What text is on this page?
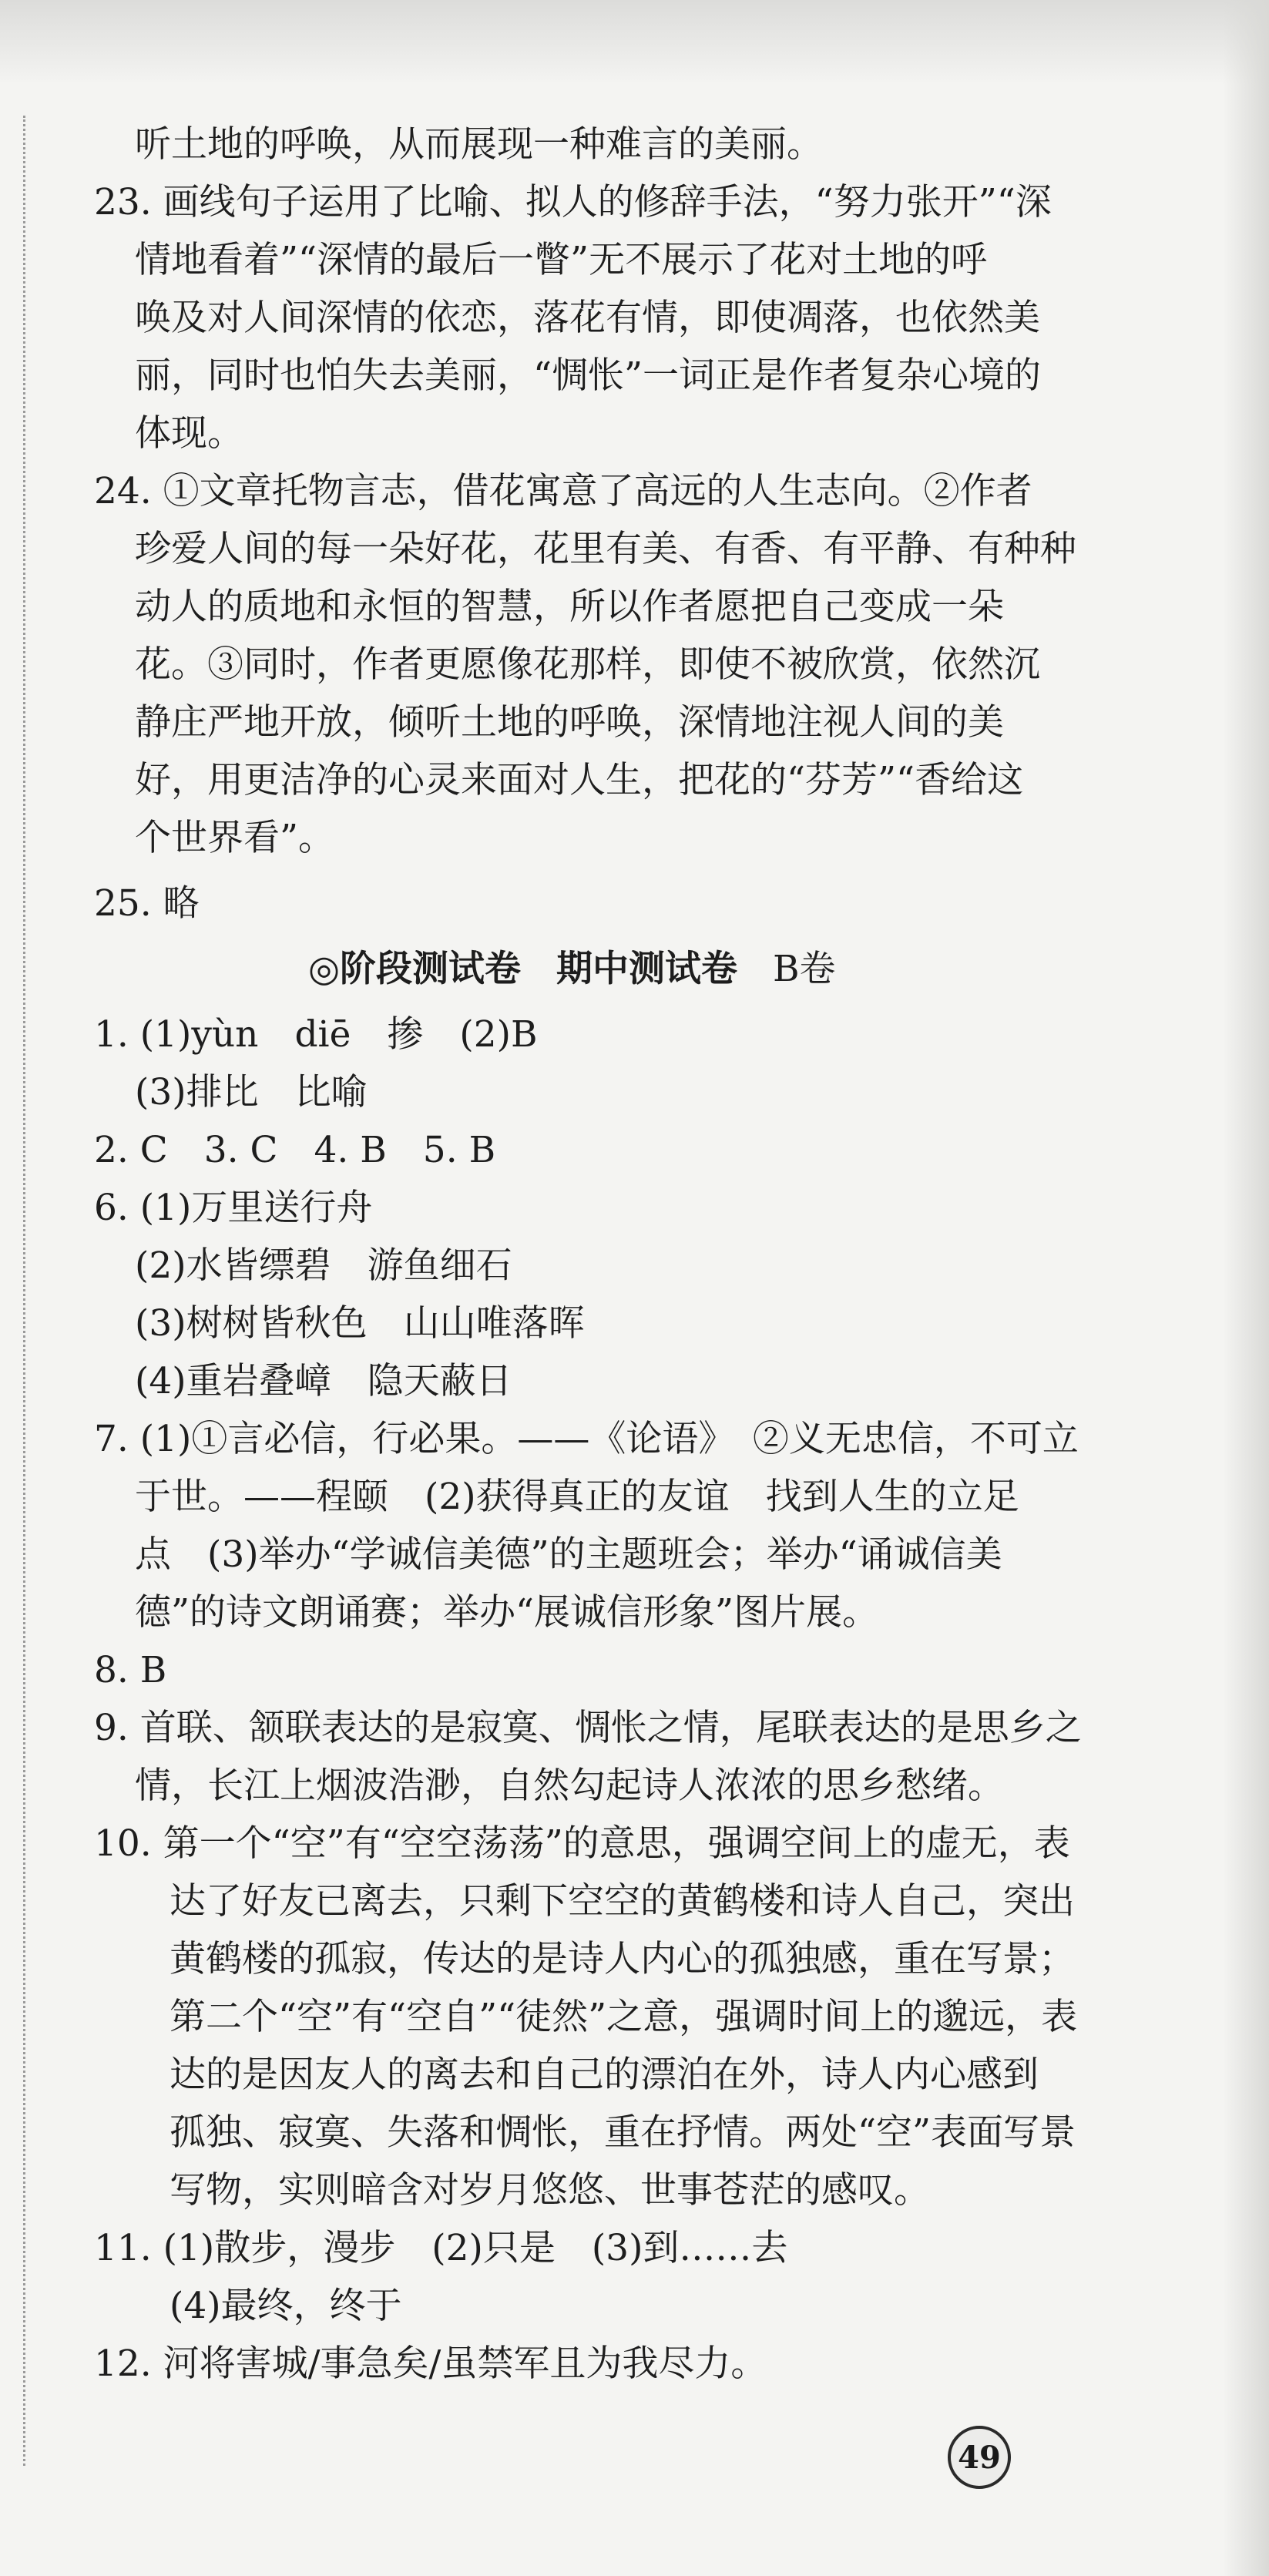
听土地的呼唤，从而展现一种难言的美丽。
23. 画线句子运用了比喻、拟人的修辞手法，“努力张开”“深
情地看着”“深情的最后一瞥”无不展示了花对土地的呼
唤及对人间深情的依恋，落花有情，即使凋落，也依然美
丽，同时也怕失去美丽，“惆怅”一词正是作者复杂心境的
体现。
24. ①文章托物言志，借花寓意了高远的人生志向。②作者
珍爱人间的每一朵好花，花里有美、有香、有平静、有种种
动人的质地和永恒的智慧，所以作者愿把自己变成一朵
花。③同时，作者更愿像花那样，即使不被欣赏，依然沉
静庄严地开放，倾听土地的呼唤，深情地注视人间的美
好，用更洁净的心灵来面对人生，把花的“芬芳”“香给这
个世界看”。
25. 略
◎阶段测试卷 期中测试卷 B卷
1. (1)yùn　diē　掺　(2)B
(3)排比　比喻
2. C　3. C　4. B　5. B
6. (1)万里送行舟
(2)水皆缥碧　游鱼细石
(3)树树皆秋色　山山唯落晖
(4)重岩叠嶂　隐天蔽日
7. (1)①言必信，行必果。——《论语》　②义无忠信，不可立
于世。——程颐　(2)获得真正的友谊　找到人生的立足
点　(3)举办“学诚信美德”的主题班会；举办“诵诚信美
德”的诗文朗诵赛；举办“展诚信形象”图片展。
8. B
9. 首联、颔联表达的是寂寞、惆怅之情，尾联表达的是思乡之
情，长江上烟波浩渺，自然勾起诗人浓浓的思乡愁绪。
10. 第一个“空”有“空空荡荡”的意思，强调空间上的虚无，表
达了好友已离去，只剩下空空的黄鹤楼和诗人自己，突出
黄鹤楼的孤寂，传达的是诗人内心的孤独感，重在写景；
第二个“空”有“空自”“徒然”之意，强调时间上的邈远，表
达的是因友人的离去和自己的漂泊在外，诗人内心感到
孤独、寂寞、失落和惆怅，重在抒情。两处“空”表面写景
写物，实则暗含对岁月悠悠、世事苍茫的感叹。
11. (1)散步，漫步　(2)只是　(3)到……去
(4)最终，终于
12. 河将害城/事急矣/虽禁军且为我尽力。
49
